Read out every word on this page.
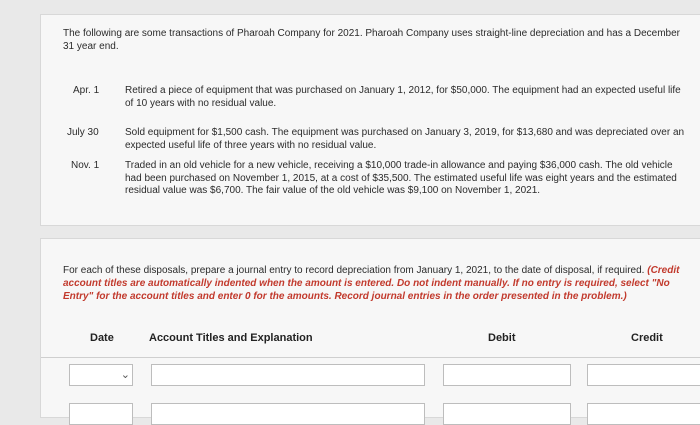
The following are some transactions of Pharoah Company for 2021. Pharoah Company uses straight-line depreciation and has a December 31 year end.
Apr. 1	Retired a piece of equipment that was purchased on January 1, 2012, for $50,000. The equipment had an expected useful life of 10 years with no residual value.
July 30	Sold equipment for $1,500 cash. The equipment was purchased on January 3, 2019, for $13,680 and was depreciated over an expected useful life of three years with no residual value.
Nov. 1	Traded in an old vehicle for a new vehicle, receiving a $10,000 trade-in allowance and paying $36,000 cash. The old vehicle had been purchased on November 1, 2015, at a cost of $35,500. The estimated useful life was eight years and the estimated residual value was $6,700. The fair value of the old vehicle was $9,100 on November 1, 2021.
For each of these disposals, prepare a journal entry to record depreciation from January 1, 2021, to the date of disposal, if required. (Credit account titles are automatically indented when the amount is entered. Do not indent manually. If no entry is required, select "No Entry" for the account titles and enter 0 for the amounts. Record journal entries in the order presented in the problem.)
Date	Account Titles and Explanation	Debit	Credit
⌄
